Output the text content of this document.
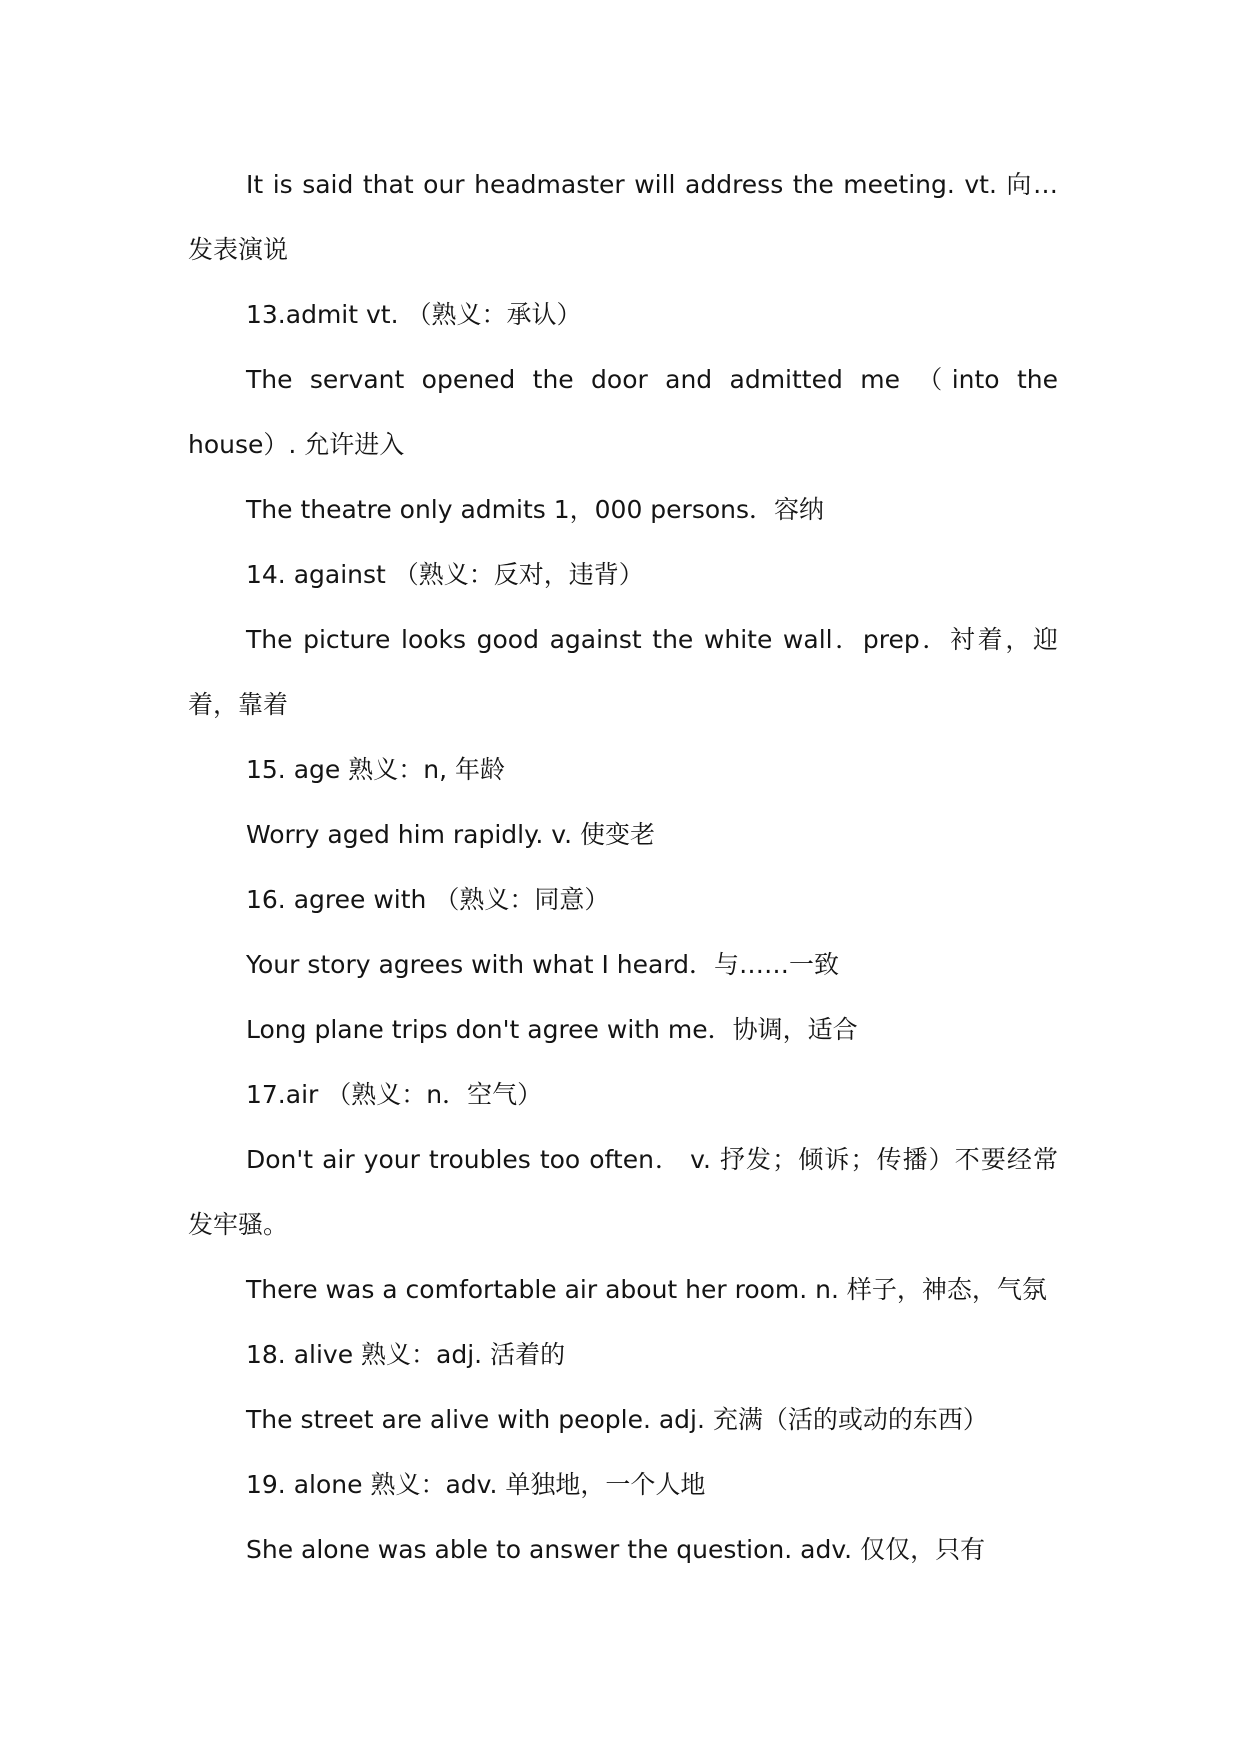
It is said that our headmaster will address the meeting. vt. 向…发表演说

13.admit vt. （熟义：承认）

The servant opened the door and admitted me （into the house）. 允许进入

The theatre only admits 1，000 persons．容纳

14. against （熟义：反对，违背）

The picture looks good against the white wall．prep．衬着，迎着，靠着

15. age 熟义：n, 年龄

Worry aged him rapidly. v. 使变老

16. agree with （熟义：同意）

Your story agrees with what I heard．与……一致

Long plane trips don't agree with me．协调，适合

17.air （熟义：n．空气）

Don't air your troubles too often． v. 抒发；倾诉；传播）不要经常发牢骚。

There was a comfortable air about her room. n. 样子，神态，气氛

18. alive 熟义：adj. 活着的

The street are alive with people. adj. 充满（活的或动的东西）

19. alone 熟义：adv. 单独地，一个人地

She alone was able to answer the question. adv. 仅仅，只有
